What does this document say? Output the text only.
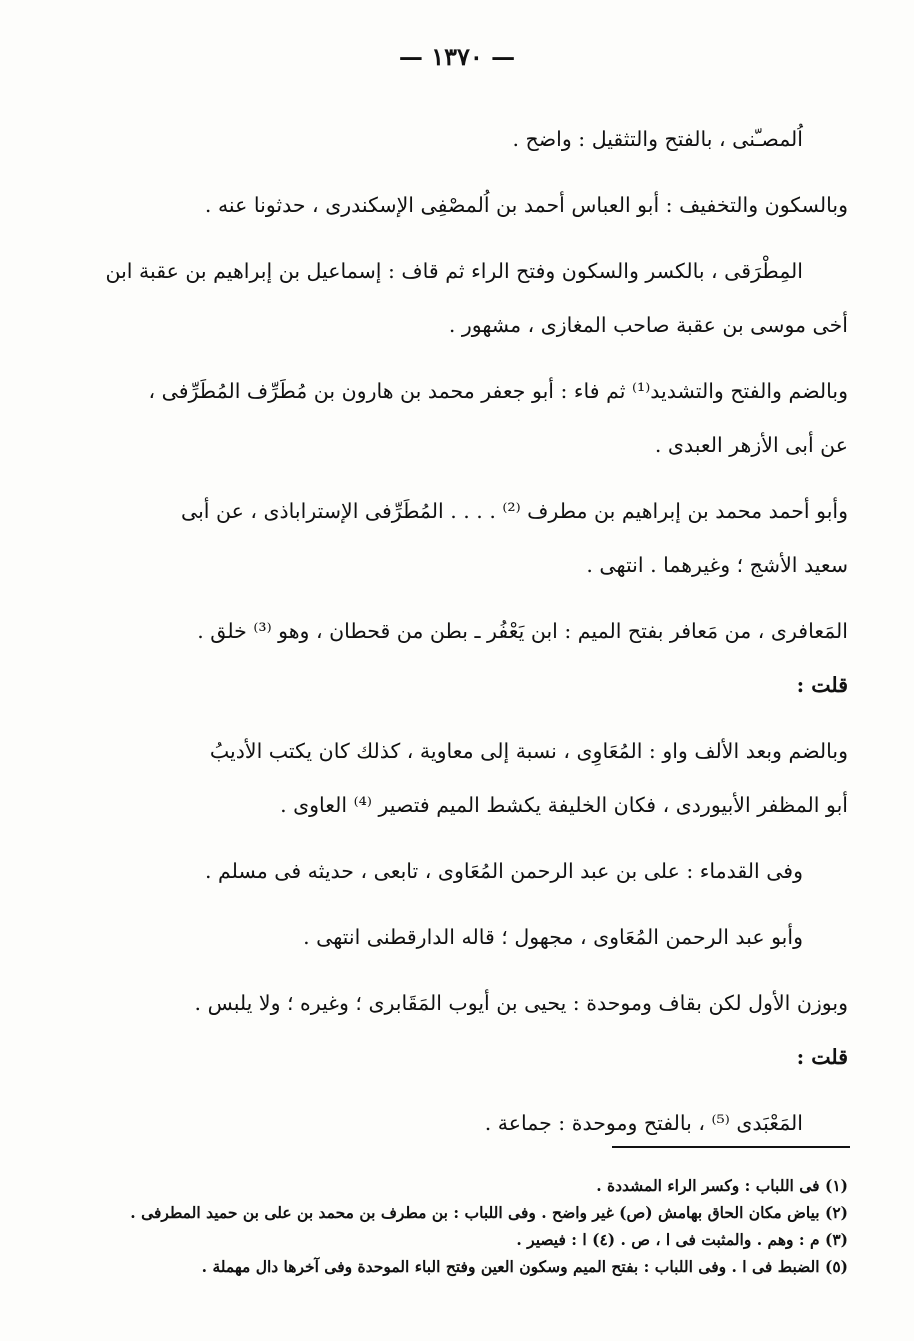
— ١٣٧٠ —

اُلمصـّنى ، بالفتح والتثقيل : واضح .

وبالسكون والتخفيف : أبو العباس أحمد بن اُلمصْفِى الإسكندرى ، حدثونا عنه .

المِطْرَقى ، بالكسر والسكون وفتح الراء ثم قاف : إسماعيل بن إبراهيم بن عقبة ابن

أخى موسى بن عقبة صاحب المغازى ، مشهور .

وبالضم والفتح والتشديد⁽¹⁾ ثم فاء : أبو جعفر محمد بن هارون بن مُطَرِّف المُطَرِّفى ،

عن أبى الأزهر العبدى .

وأبو أحمد محمد بن إبراهيم بن مطرف ⁽²⁾ . . . . المُطَرِّفى الإستراباذى ، عن أبى

سعيد الأشج ؛ وغيرهما . انتهى .

المَعافرى ، من مَعافر بفتح الميم : ابن يَعْفُر ـ بطن من قحطان ، وهو ⁽³⁾ خلق .

قلت :

وبالضم وبعد الألف واو : المُعَاوِى ، نسبة إلى معاوية ، كذلك كان يكتب الأديبُ

أبو المظفر الأبيوردى ، فكان الخليفة يكشط الميم فتصير ⁽⁴⁾ العاوى .

وفى القدماء : على بن عبد الرحمن المُعَاوى ، تابعى ، حديثه فى مسلم .

وأبو عبد الرحمن المُعَاوى ، مجهول ؛ قاله الدارقطنى انتهى .

وبوزن الأول لكن بقاف وموحدة : يحيى بن أيوب المَقَابرى ؛ وغيره ؛ ولا يلبس .

قلت :

المَعْبَدى ⁽⁵⁾ ، بالفتح وموحدة : جماعة .

(١) فى اللباب : وكسر الراء المشددة .

(٢) بياض مكان الحاق بهامش (ص) غير واضح . وفى اللباب : بن مطرف بن محمد بن على بن حميد المطرفى .

(٣) م : وهم . والمثبت فى ا ، ص . (٤) ا : فيصير .

(٥) الضبط فى ا . وفى اللباب : بفتح الميم وسكون العين وفتح الباء الموحدة وفى آخرها دال مهملة .
